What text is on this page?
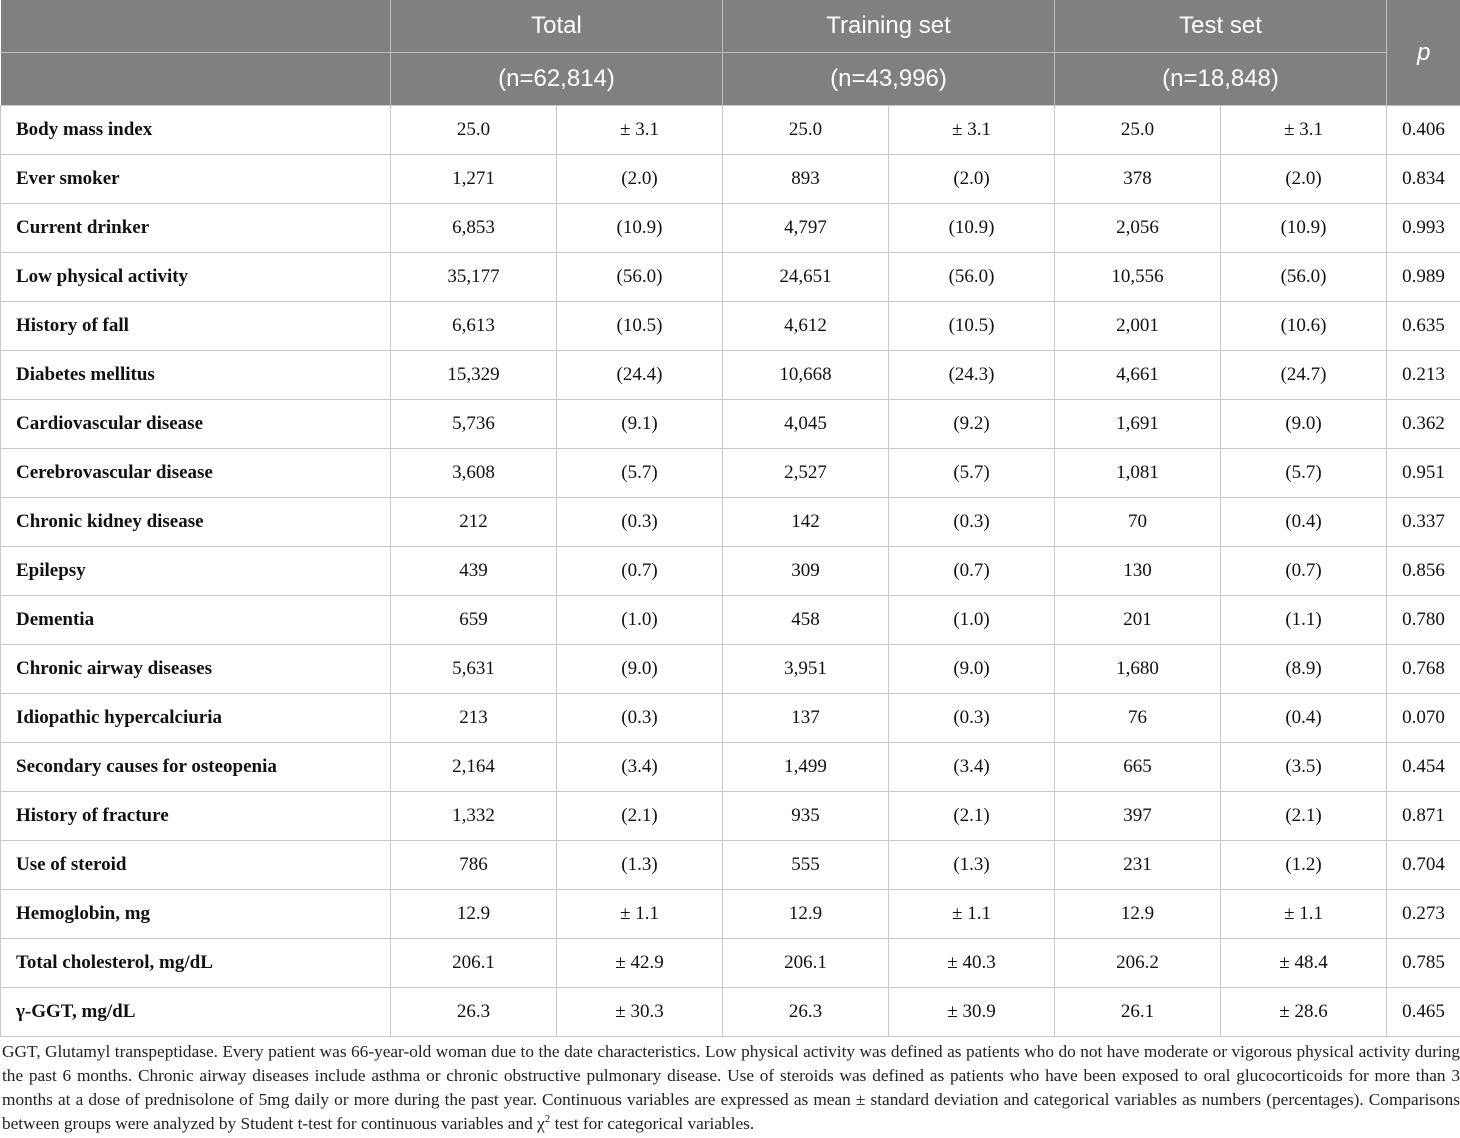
	Total		Training set		Test set		p
	(n=62,814)		(n=43,996)		(n=18,848)		
Body mass index	25.0	± 3.1	25.0	± 3.1	25.0	± 3.1	0.406
Ever smoker	1,271	(2.0)	893	(2.0)	378	(2.0)	0.834
Current drinker	6,853	(10.9)	4,797	(10.9)	2,056	(10.9)	0.993
Low physical activity	35,177	(56.0)	24,651	(56.0)	10,556	(56.0)	0.989
History of fall	6,613	(10.5)	4,612	(10.5)	2,001	(10.6)	0.635
Diabetes mellitus	15,329	(24.4)	10,668	(24.3)	4,661	(24.7)	0.213
Cardiovascular disease	5,736	(9.1)	4,045	(9.2)	1,691	(9.0)	0.362
Cerebrovascular disease	3,608	(5.7)	2,527	(5.7)	1,081	(5.7)	0.951
Chronic kidney disease	212	(0.3)	142	(0.3)	70	(0.4)	0.337
Epilepsy	439	(0.7)	309	(0.7)	130	(0.7)	0.856
Dementia	659	(1.0)	458	(1.0)	201	(1.1)	0.780
Chronic airway diseases	5,631	(9.0)	3,951	(9.0)	1,680	(8.9)	0.768
Idiopathic hypercalciuria	213	(0.3)	137	(0.3)	76	(0.4)	0.070
Secondary causes for osteopenia	2,164	(3.4)	1,499	(3.4)	665	(3.5)	0.454
History of fracture	1,332	(2.1)	935	(2.1)	397	(2.1)	0.871
Use of steroid	786	(1.3)	555	(1.3)	231	(1.2)	0.704
Hemoglobin, mg	12.9	± 1.1	12.9	± 1.1	12.9	± 1.1	0.273
Total cholesterol, mg/dL	206.1	± 42.9	206.1	± 40.3	206.2	± 48.4	0.785
γ-GGT, mg/dL	26.3	± 30.3	26.3	± 30.9	26.1	± 28.6	0.465
GGT, Glutamyl transpeptidase. Every patient was 66-year-old woman due to the date characteristics. Low physical activity was defined as patients who do not have moderate or vigorous physical activity during the past 6 months. Chronic airway diseases include asthma or chronic obstructive pulmonary disease. Use of steroids was defined as patients who have been exposed to oral glucocorticoids for more than 3 months at a dose of prednisolone of 5mg daily or more during the past year. Continuous variables are expressed as mean ± standard deviation and categorical variables as numbers (percentages). Comparisons between groups were analyzed by Student t-test for continuous variables and $\chi^2$ test for categorical variables.
